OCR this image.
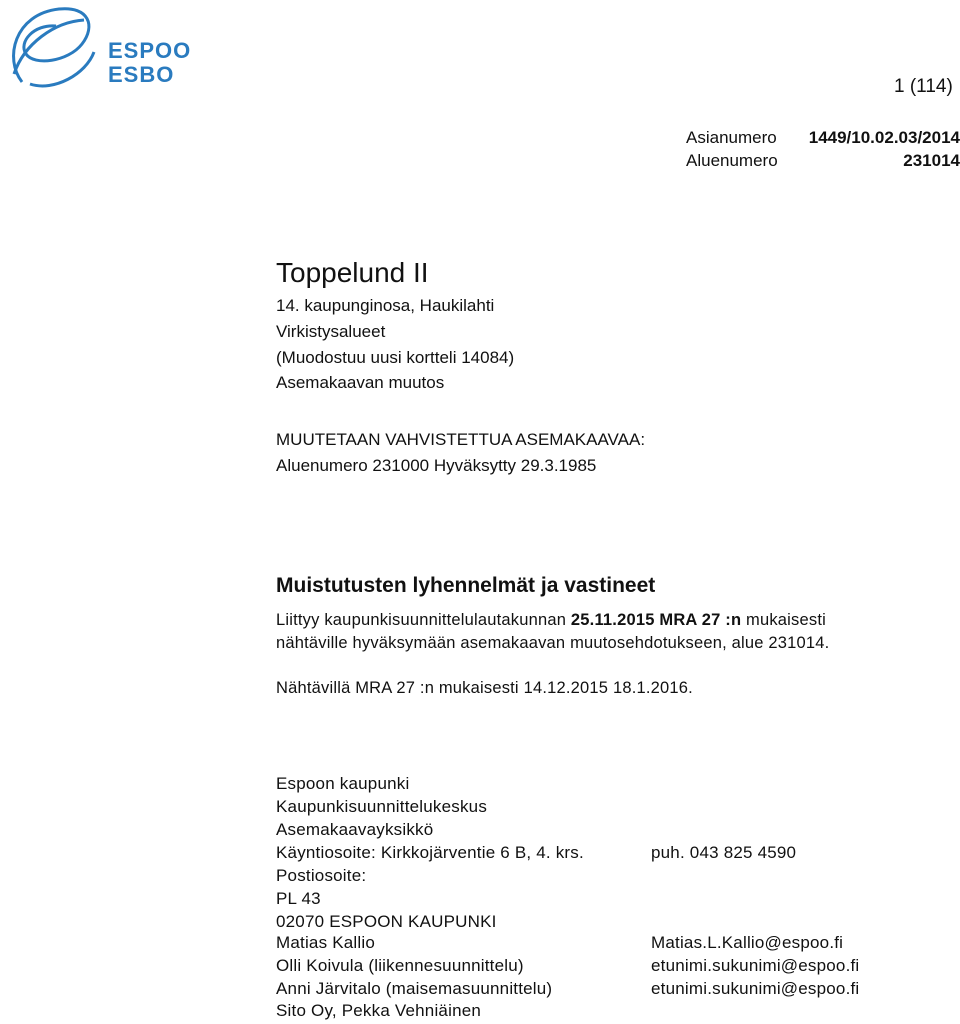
ESPOO
ESBO	1 (114)
Asianumero	1449/10.02.03/2014
Aluenumero	231014
Toppelund II
14. kaupunginosa, Haukilahti
Virkistysalueet
(Muodostuu uusi kortteli 14084)
Asemakaavan muutos
MUUTETAAN VAHVISTETTUA ASEMAKAAVAA:
Aluenumero 231000 Hyväksytty 29.3.1985
Muistutusten lyhennelmät ja vastineet
Liittyy kaupunkisuunnittelulautakunnan 25.11.2015 MRA 27 :n mukaisesti
nähtäville hyväksymään asemakaavan muutosehdotukseen, alue 231014.
Nähtävillä MRA 27 :n mukaisesti 14.12.2015 18.1.2016.
Espoon kaupunki
Kaupunkisuunnittelukeskus
Asemakaavayksikkö
Käyntiosoite: Kirkkojärventie 6 B, 4. krs.	puh. 043 825 4590
Postiosoite:
PL 43
02070 ESPOON KAUPUNKI
Matias Kallio	Matias.L.Kallio@espoo.fi
Olli Koivula (liikennesuunnittelu)	etunimi.sukunimi@espoo.fi
Anni Järvitalo (maisemasuunnittelu)	etunimi.sukunimi@espoo.fi
Sito Oy, Pekka Vehniäinen
